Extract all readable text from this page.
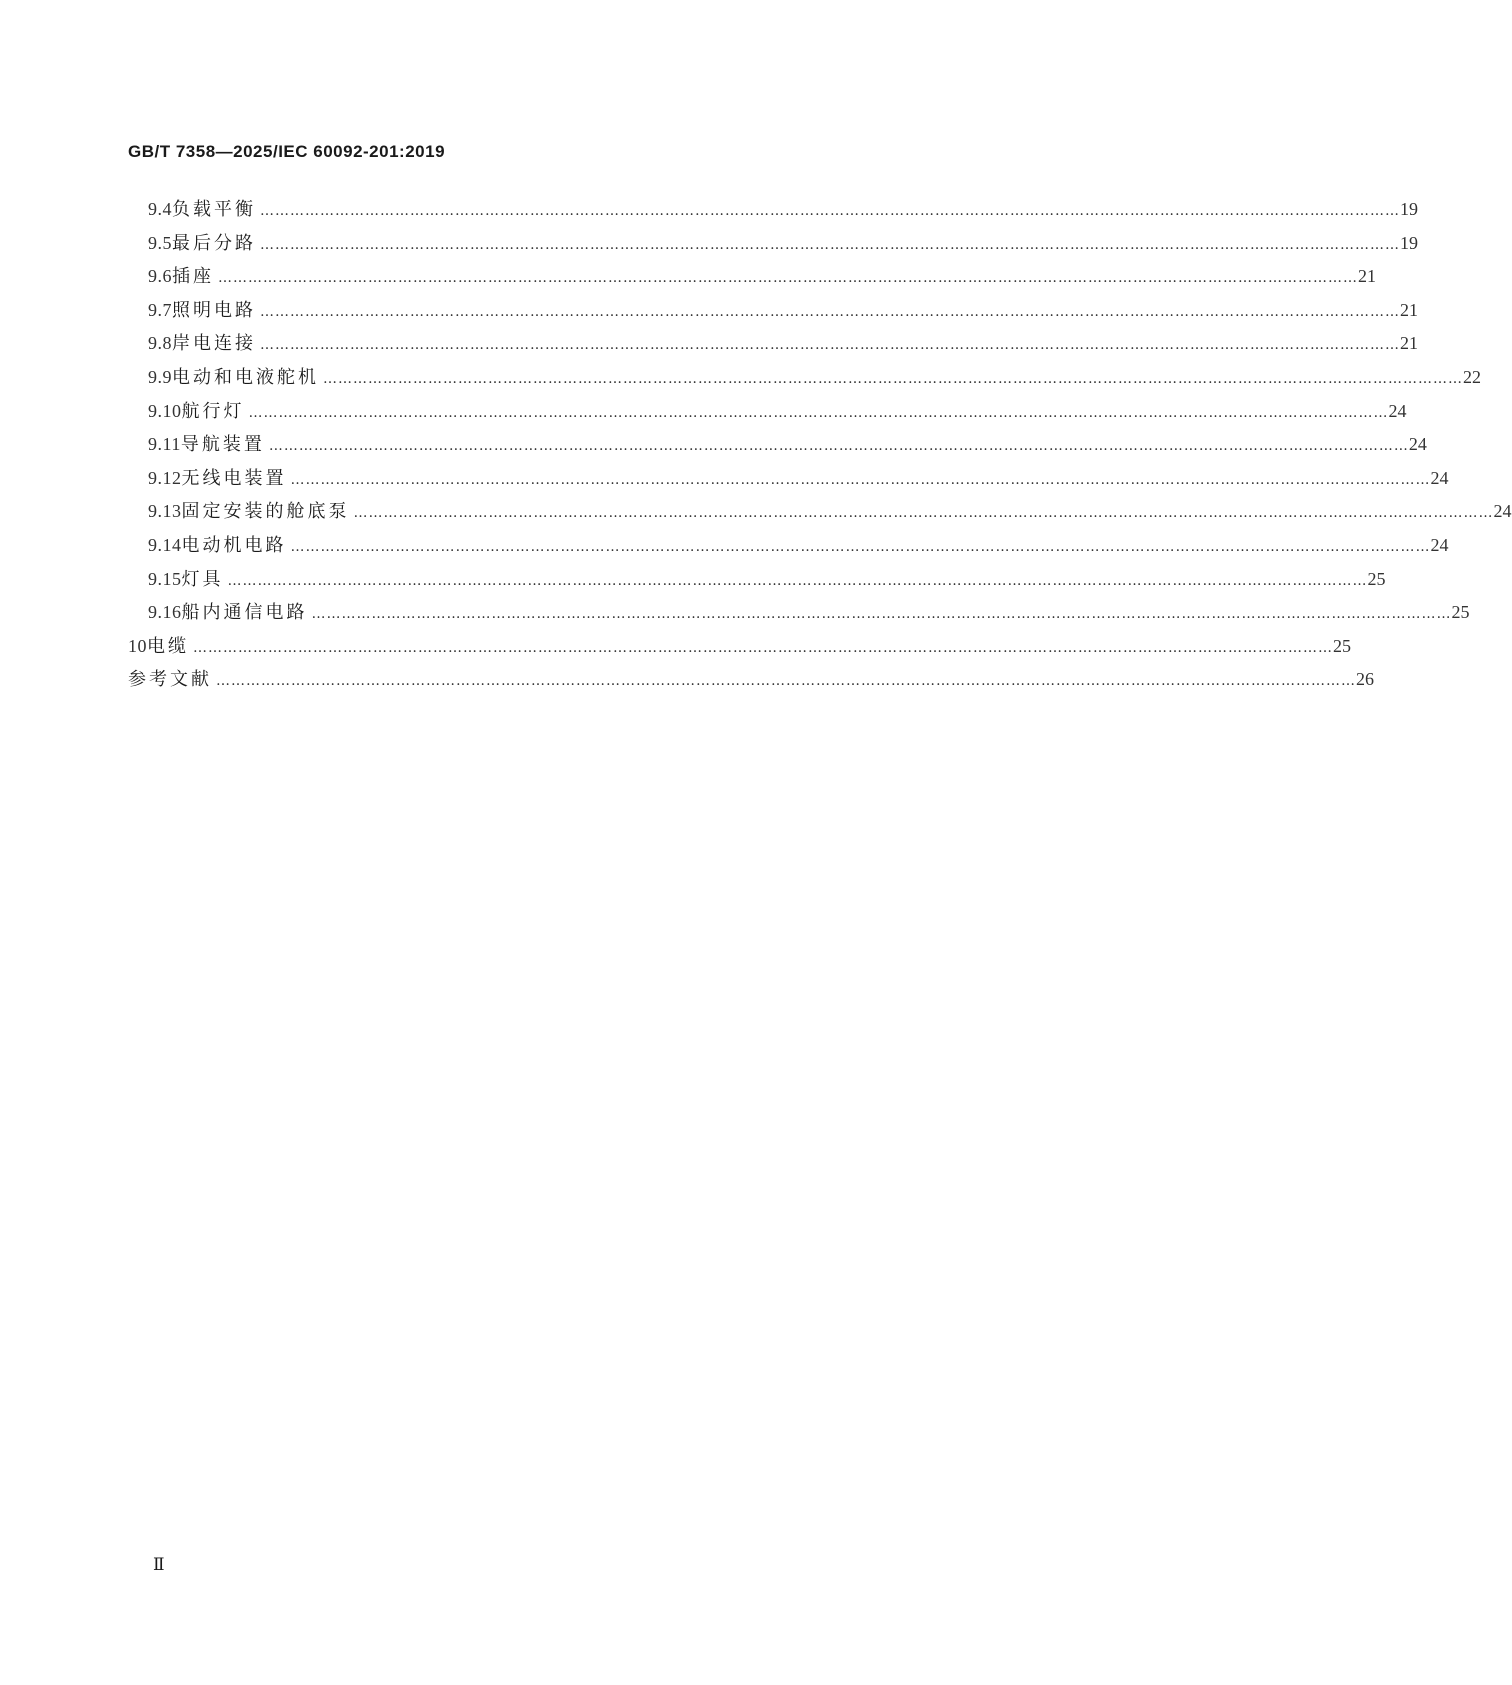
GB/T 7358—2025/IEC 60092-201:2019
9.4 负载平衡 ………………………………………………………………………………………………………………………………………………………………………………………………………… 19
9.5 最后分路 ………………………………………………………………………………………………………………………………………………………………………………………………………… 19
9.6 插座 ………………………………………………………………………………………………………………………………………………………………………………………………………… 21
9.7 照明电路 ………………………………………………………………………………………………………………………………………………………………………………………………………… 21
9.8 岸电连接 ………………………………………………………………………………………………………………………………………………………………………………………………………… 21
9.9 电动和电液舵机 ………………………………………………………………………………………………………………………………………………………………………………………………………… 22
9.10 航行灯 ………………………………………………………………………………………………………………………………………………………………………………………………………… 24
9.11 导航装置 ………………………………………………………………………………………………………………………………………………………………………………………………………… 24
9.12 无线电装置 ………………………………………………………………………………………………………………………………………………………………………………………………………… 24
9.13 固定安装的舱底泵 ………………………………………………………………………………………………………………………………………………………………………………………………………… 24
9.14 电动机电路 ………………………………………………………………………………………………………………………………………………………………………………………………………… 24
9.15 灯具 ………………………………………………………………………………………………………………………………………………………………………………………………………… 25
9.16 船内通信电路 ………………………………………………………………………………………………………………………………………………………………………………………………………… 25
10 电缆 ………………………………………………………………………………………………………………………………………………………………………………………………………… 25
参考文献 ………………………………………………………………………………………………………………………………………………………………………………………………………… 26
Ⅱ
